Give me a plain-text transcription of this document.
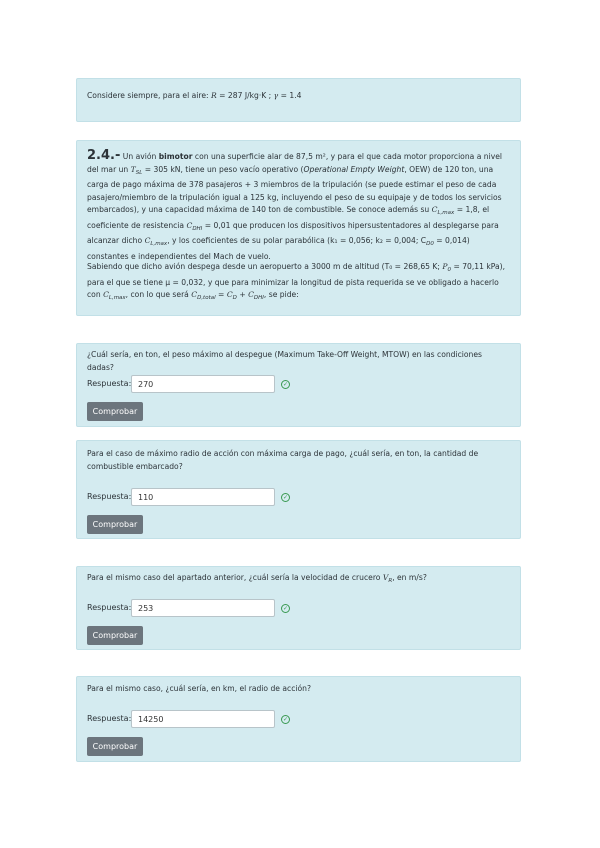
Considere siempre, para el aire: R = 287 J/kg·K ; γ = 1.4
2.4.- Un avión bimotor con una superficie alar de 87,5 m², y para el que cada motor proporciona a nivel del mar un $T_{SL} = 305$ kN, tiene un peso vacío operativo (Operational Empty Weight, OEW) de 120 ton, una carga de pago máxima de 378 pasajeros + 3 miembros de la tripulación (se puede estimar el peso de cada pasajero/miembro de la tripulación igual a 125 kg, incluyendo el peso de su equipaje y de todos los servicios embarcados), y una capacidad máxima de 140 ton de combustible. Se conoce además su $C_{L,max} = 1,8$, el coeficiente de resistencia $C_{DHI} = 0,01$ que producen los dispositivos hipersustentadores al desplegarse para alcanzar dicho $C_{L,max}$, y los coeficientes de su polar parabólica (k₁ = 0,056; k₂ = 0,004; $C_{D0} = 0,014$) constantes e independientes del Mach de vuelo.
Sabiendo que dicho avión despega desde un aeropuerto a 3000 m de altitud (T₀ = 268,65 K; $P_0 = 70,11$ kPa), para el que se tiene μ = 0,032, y que para minimizar la longitud de pista requerida se ve obligado a hacerlo con $C_{L,max}$, con lo que será $C_{D,total} = C_D + C_{DHI}$, se pide:
¿Cuál sería, en ton, el peso máximo al despegue (Maximum Take-Off Weight, MTOW) en las condiciones dadas?
Respuesta:
270	✓
Comprobar
Para el caso de máximo radio de acción con máxima carga de pago, ¿cuál sería, en ton, la cantidad de combustible embarcado?
Respuesta:
110	✓
Comprobar
Para el mismo caso del apartado anterior, ¿cuál sería la velocidad de crucero $V_R$, en m/s?
Respuesta:
253	✓
Comprobar
Para el mismo caso, ¿cuál sería, en km, el radio de acción?
Respuesta:
14250	✓
Comprobar
